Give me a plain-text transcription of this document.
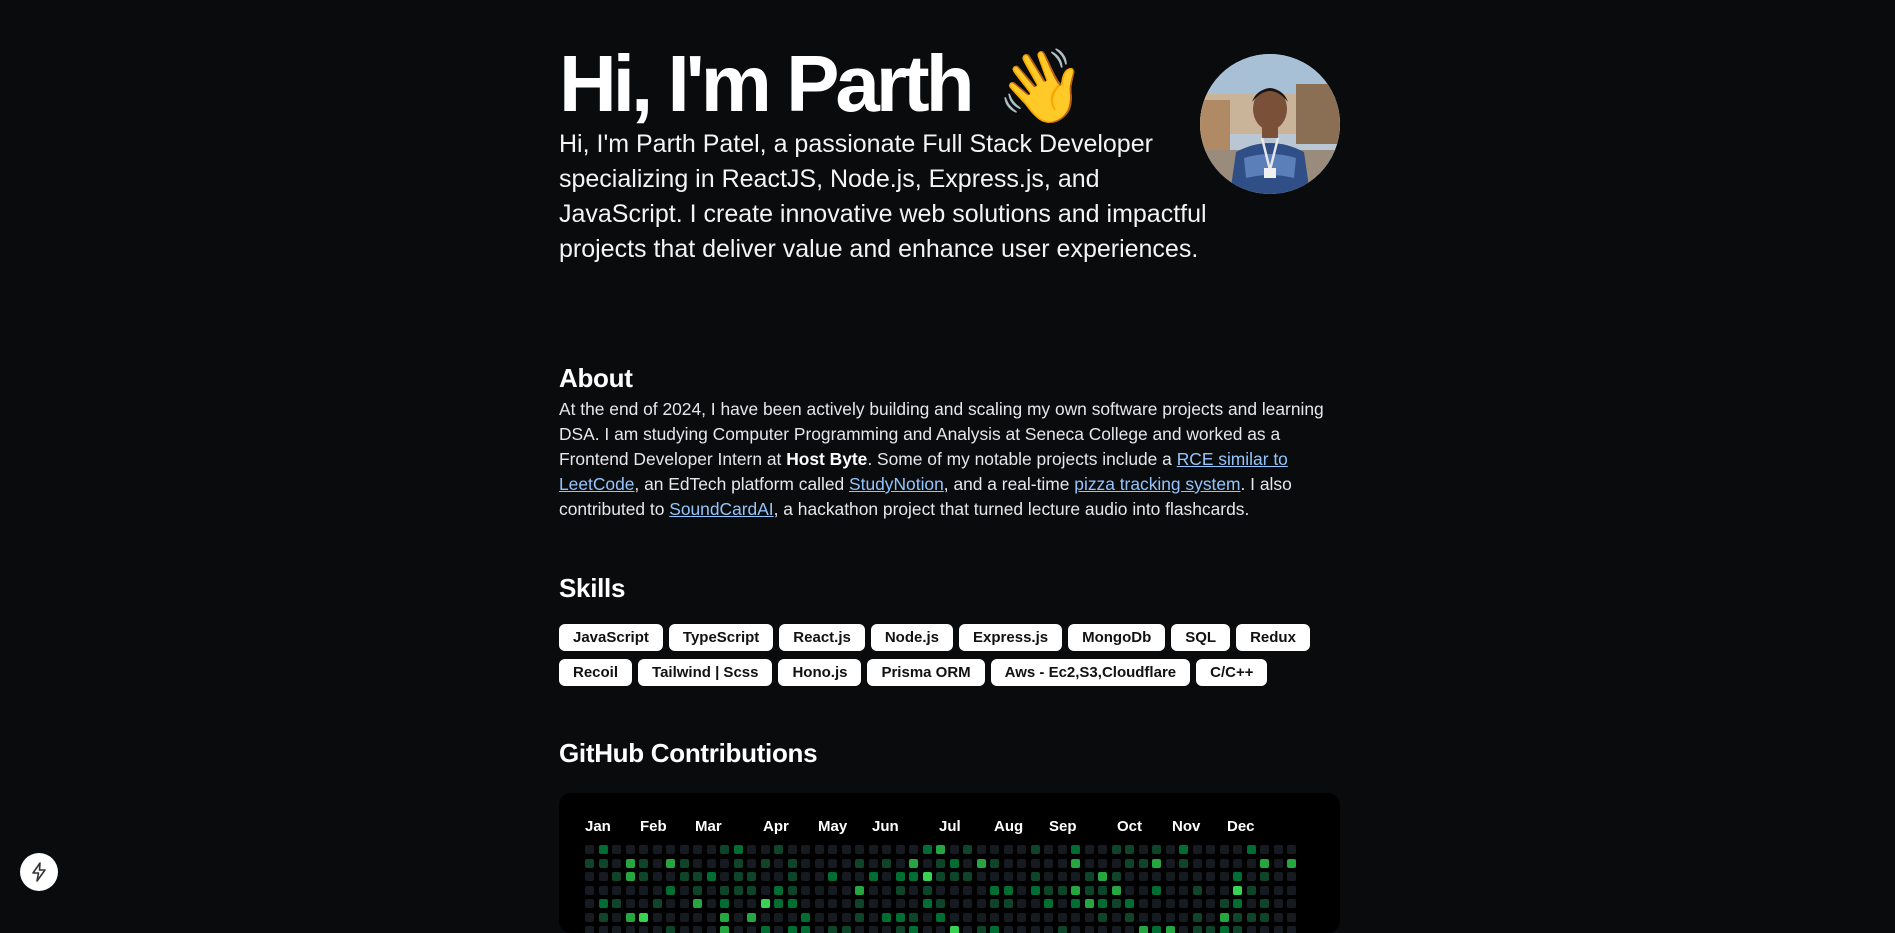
Hi, I'm Parth 👋

Hi, I'm Parth Patel, a passionate Full Stack Developer specializing in ReactJS, Node.js, Express.js, and JavaScript. I create innovative web solutions and impactful projects that deliver value and enhance user experiences.

About

At the end of 2024, I have been actively building and scaling my own software projects and learning DSA. I am studying Computer Programming and Analysis at Seneca College and worked as a Frontend Developer Intern at Host Byte. Some of my notable projects include a RCE similar to LeetCode, an EdTech platform called StudyNotion, and a real-time pizza tracking system. I also contributed to SoundCardAI, a hackathon project that turned lecture audio into flashcards.

Skills
JavaScript	TypeScript	React.js	Node.js	Express.js	MongoDb	SQL	Redux
Recoil	Tailwind | Scss	Hono.js	Prisma ORM	Aws - Ec2,S3,Cloudflare	C/C++
GitHub Contributions
Jan Feb Mar	Apr May Jun	Jul Aug Sep	Oct Nov Dec
